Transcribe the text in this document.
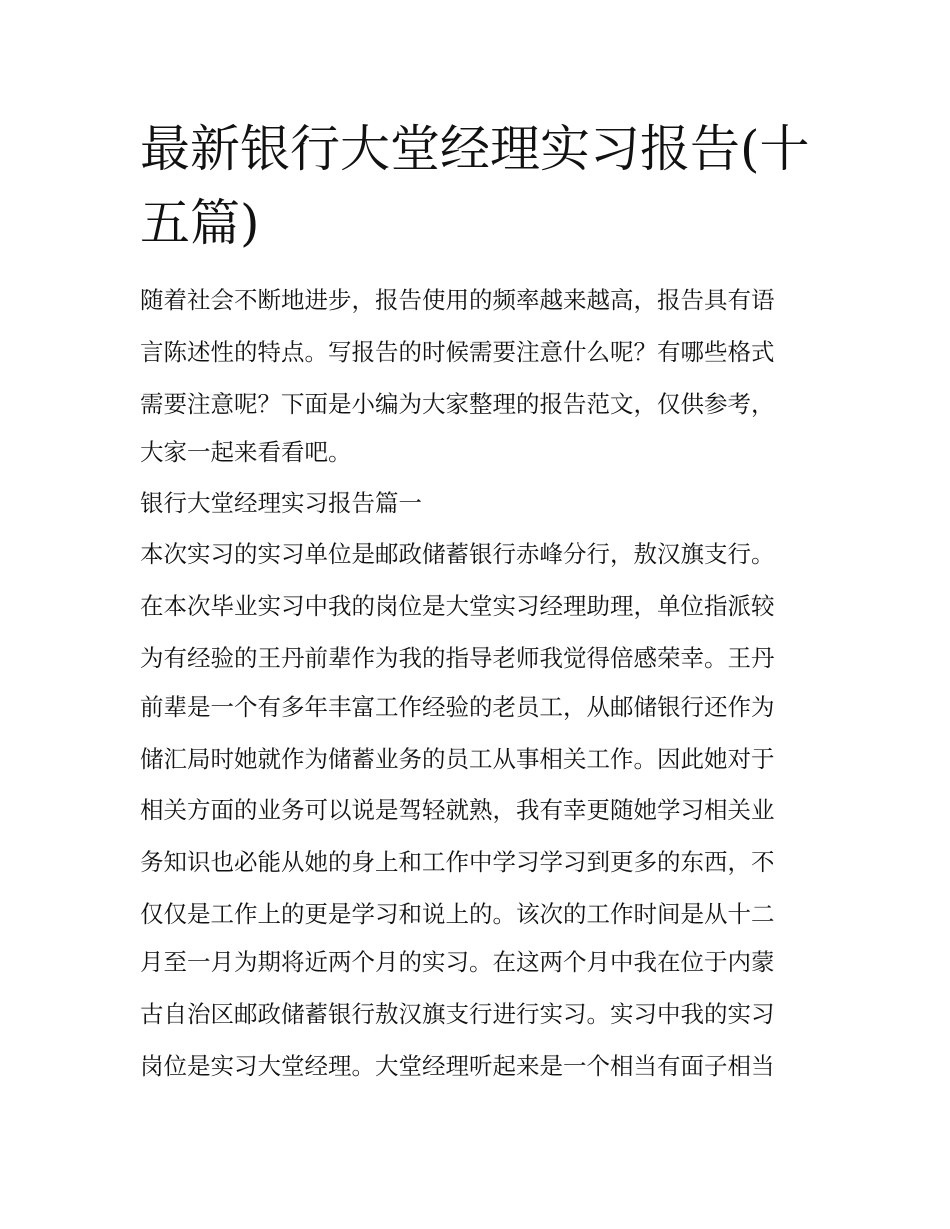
最新银行大堂经理实习报告(十五篇)

随着社会不断地进步，报告使用的频率越来越高，报告具有语

言陈述性的特点。写报告的时候需要注意什么呢？有哪些格式

需要注意呢？下面是小编为大家整理的报告范文，仅供参考，

大家一起来看看吧。

银行大堂经理实习报告篇一

本次实习的实习单位是邮政储蓄银行赤峰分行，敖汉旗支行。

在本次毕业实习中我的岗位是大堂实习经理助理，单位指派较

为有经验的王丹前辈作为我的指导老师我觉得倍感荣幸。王丹

前辈是一个有多年丰富工作经验的老员工，从邮储银行还作为

储汇局时她就作为储蓄业务的员工从事相关工作。因此她对于

相关方面的业务可以说是驾轻就熟，我有幸更随她学习相关业

务知识也必能从她的身上和工作中学习学习到更多的东西，不

仅仅是工作上的更是学习和说上的。该次的工作时间是从十二

月至一月为期将近两个月的实习。在这两个月中我在位于内蒙

古自治区邮政储蓄银行敖汉旗支行进行实习。实习中我的实习

岗位是实习大堂经理。大堂经理听起来是一个相当有面子相当
